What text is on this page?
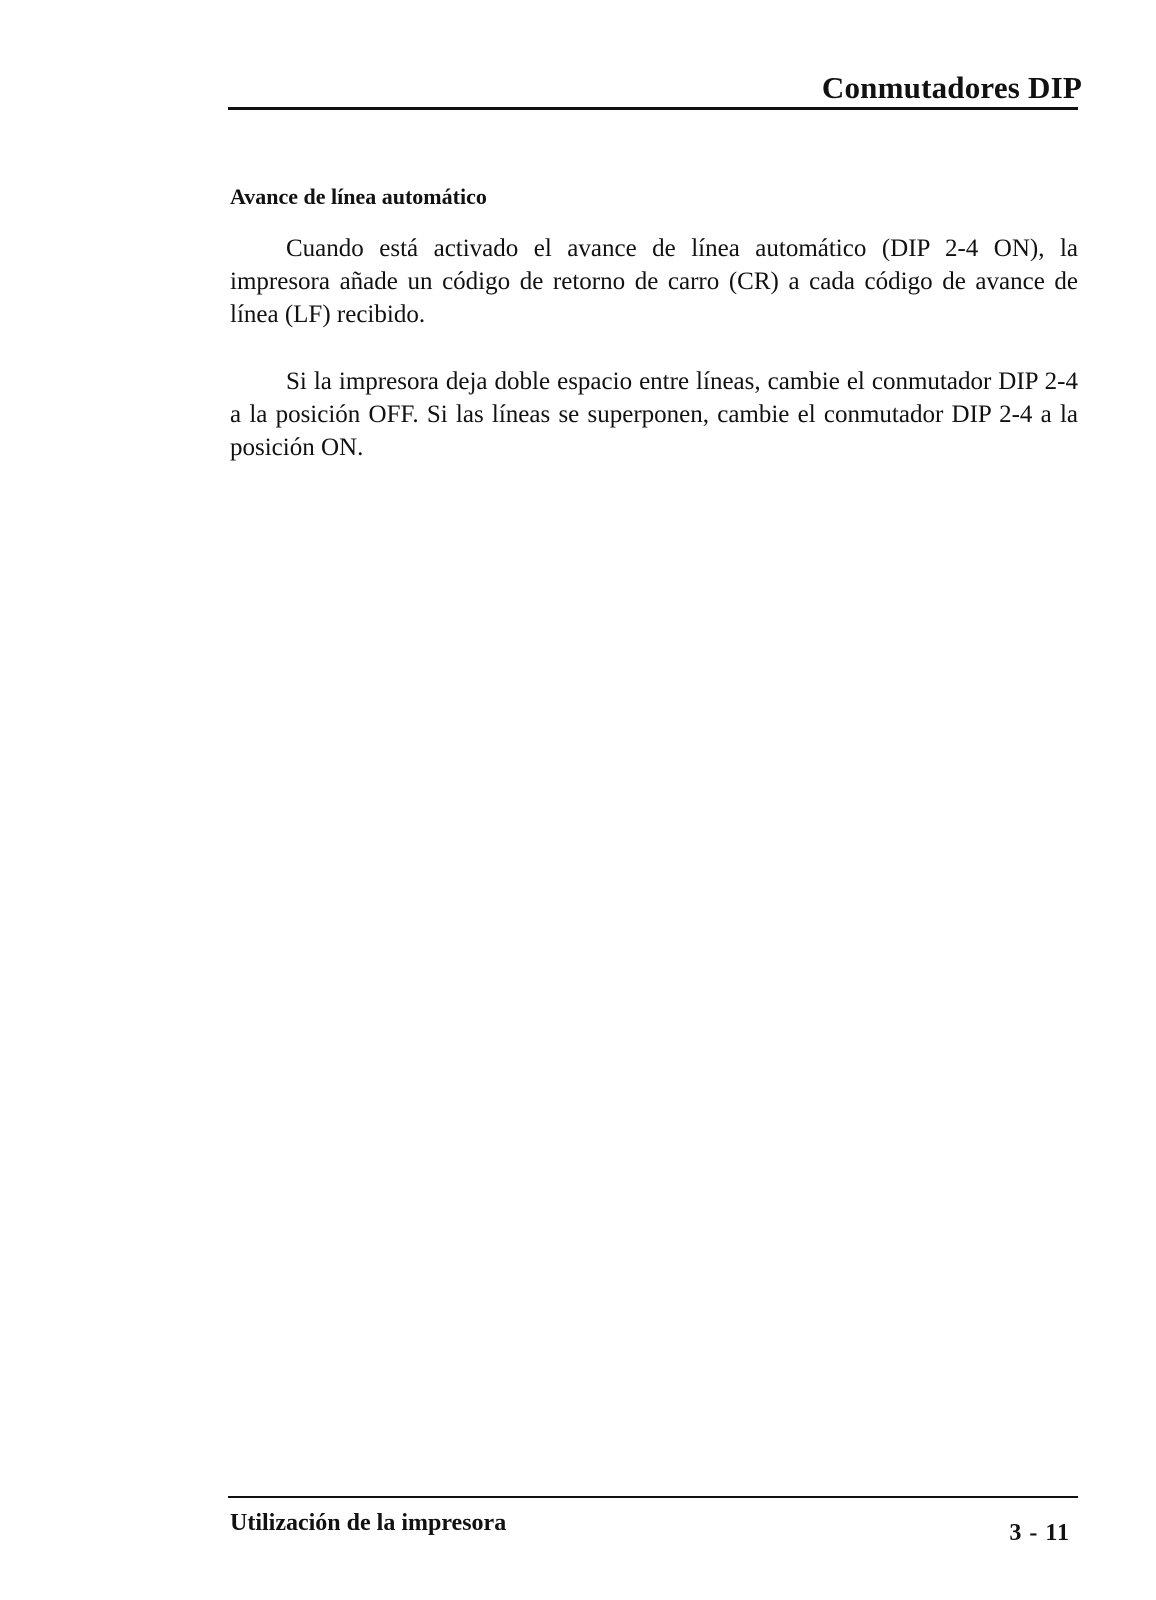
Conmutadores DIP
Avance de línea automático

Cuando está activado el avance de línea automático (DIP 2-4 ON), la impresora añade un código de retorno de carro (CR) a cada código de avance de línea (LF) recibido.

Si la impresora deja doble espacio entre líneas, cambie el conmutador DIP 2-4 a la posición OFF. Si las líneas se superponen, cambie el conmutador DIP 2-4 a la posición ON.

Utilización de la impresora	3 - 11
